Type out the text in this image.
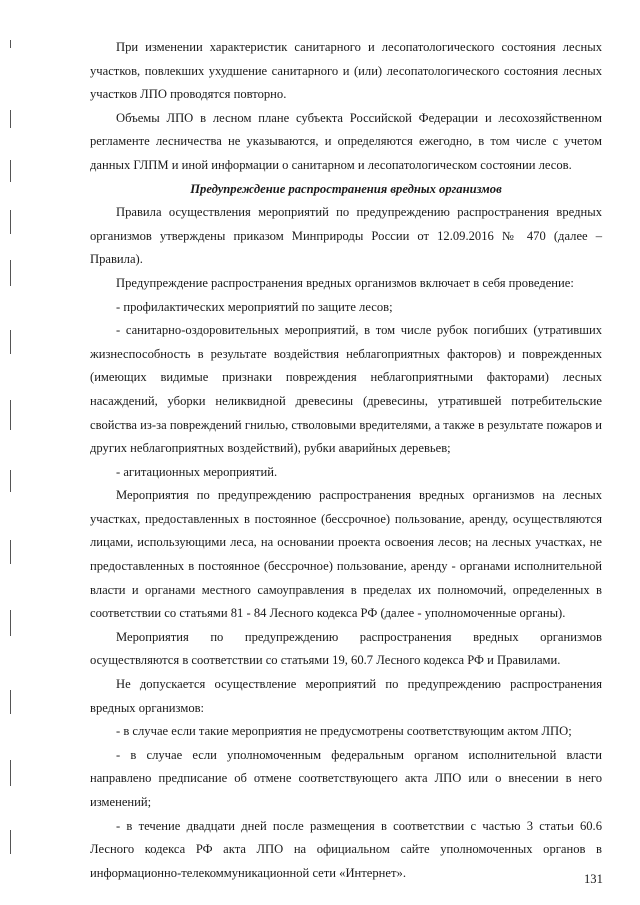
При изменении характеристик санитарного и лесопатологического состояния лесных участков, повлекших ухудшение санитарного и (или) лесопатологического состояния лесных участков ЛПО проводятся повторно.

Объемы ЛПО в лесном плане субъекта Российской Федерации и лесохозяйственном регламенте лесничества не указываются, и определяются ежегодно, в том числе с учетом данных ГЛПМ и иной информации о санитарном и лесопатологическом состоянии лесов.

Предупреждение распространения вредных организмов

Правила осуществления мероприятий по предупреждению распространения вредных организмов утверждены приказом Минприроды России от 12.09.2016 № 470 (далее – Правила).

Предупреждение распространения вредных организмов включает в себя проведение:

- профилактических мероприятий по защите лесов;

- санитарно-оздоровительных мероприятий, в том числе рубок погибших (утративших жизнеспособность в результате воздействия неблагоприятных факторов) и поврежденных (имеющих видимые признаки повреждения неблагоприятными факторами) лесных насаждений, уборки неликвидной древесины (древесины, утратившей потребительские свойства из-за повреждений гнилью, стволовыми вредителями, а также в результате пожаров и других неблагоприятных воздействий), рубки аварийных деревьев;

- агитационных мероприятий.

Мероприятия по предупреждению распространения вредных организмов на лесных участках, предоставленных в постоянное (бессрочное) пользование, аренду, осуществляются лицами, использующими леса, на основании проекта освоения лесов; на лесных участках, не предоставленных в постоянное (бессрочное) пользование, аренду - органами исполнительной власти и органами местного самоуправления в пределах их полномочий, определенных в соответствии со статьями 81 - 84 Лесного кодекса РФ (далее - уполномоченные органы).

Мероприятия по предупреждению распространения вредных организмов осуществляются в соответствии со статьями 19, 60.7 Лесного кодекса РФ и Правилами.

Не допускается осуществление мероприятий по предупреждению распространения вредных организмов:

- в случае если такие мероприятия не предусмотрены соответствующим актом ЛПО;

- в случае если уполномоченным федеральным органом исполнительной власти направлено предписание об отмене соответствующего акта ЛПО или о внесении в него изменений;

- в течение двадцати дней после размещения в соответствии с частью 3 статьи 60.6 Лесного кодекса РФ акта ЛПО на официальном сайте уполномоченных органов в информационно-телекоммуникационной сети «Интернет».	131
